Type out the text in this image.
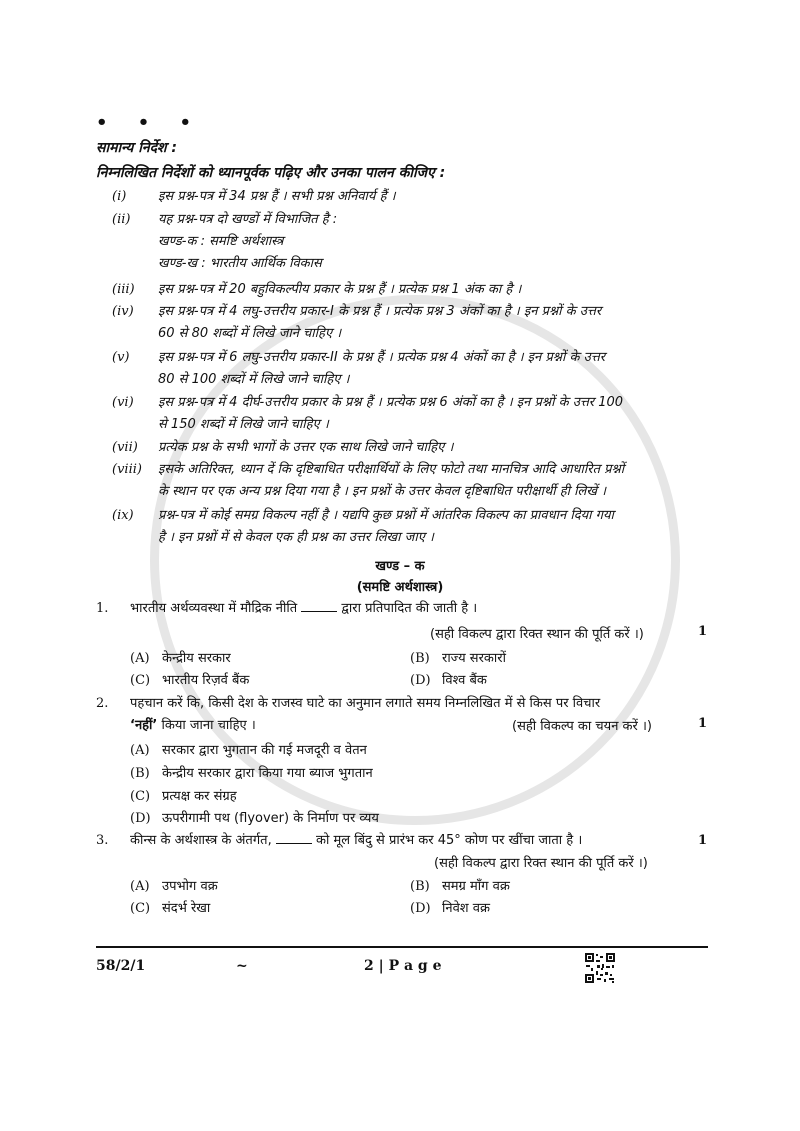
• • •
सामान्य निर्देश :
निम्नलिखित निर्देशों को ध्यानपूर्वक पढ़िए और उनका पालन कीजिए :
(i) इस प्रश्न-पत्र में 34 प्रश्न हैं । सभी प्रश्न अनिवार्य हैं ।
(ii) यह प्रश्न-पत्र दो खण्डों में विभाजित है :
खण्ड-क : समष्टि अर्थशास्त्र
खण्ड-ख : भारतीय आर्थिक विकास
(iii) इस प्रश्न-पत्र में 20 बहुविकल्पीय प्रकार के प्रश्न हैं । प्रत्येक प्रश्न 1 अंक का है ।
(iv) इस प्रश्न-पत्र में 4 लघु-उत्तरीय प्रकार-I के प्रश्न हैं । प्रत्येक प्रश्न 3 अंकों का है । इन प्रश्नों के उत्तर
60 से 80 शब्दों में लिखे जाने चाहिए ।
(v) इस प्रश्न-पत्र में 6 लघु-उत्तरीय प्रकार-II के प्रश्न हैं । प्रत्येक प्रश्न 4 अंकों का है । इन प्रश्नों के उत्तर
80 से 100 शब्दों में लिखे जाने चाहिए ।
(vi) इस प्रश्न-पत्र में 4 दीर्घ-उत्तरीय प्रकार के प्रश्न हैं । प्रत्येक प्रश्न 6 अंकों का है । इन प्रश्नों के उत्तर 100
से 150 शब्दों में लिखे जाने चाहिए ।
(vii) प्रत्येक प्रश्न के सभी भागों के उत्तर एक साथ लिखे जाने चाहिए ।
(viii) इसके अतिरिक्त, ध्यान दें कि दृष्टिबाधित परीक्षार्थियों के लिए फोटो तथा मानचित्र आदि आधारित प्रश्नों
के स्थान पर एक अन्य प्रश्न दिया गया है । इन प्रश्नों के उत्तर केवल दृष्टिबाधित परीक्षार्थी ही लिखें ।
(ix) प्रश्न-पत्र में कोई समग्र विकल्प नहीं है । यद्यपि कुछ प्रश्नों में आंतरिक विकल्प का प्रावधान दिया गया
है । इन प्रश्नों में से केवल एक ही प्रश्न का उत्तर लिखा जाए ।
खण्ड – क
(समष्टि अर्थशास्त्र)
1. भारतीय अर्थव्यवस्था में मौद्रिक नीति	द्वारा प्रतिपादित की जाती है ।
(सही विकल्प द्वारा रिक्त स्थान की पूर्ति करें ।)	1
(A) केन्द्रीय सरकार	(B) राज्य सरकारों
(C) भारतीय रिज़र्व बैंक	(D) विश्व बैंक
2. पहचान करें कि, किसी देश के राजस्व घाटे का अनुमान लगाते समय निम्नलिखित में से किस पर विचार
‘नहीं’ किया जाना चाहिए ।	(सही विकल्प का चयन करें ।)	1
(A) सरकार द्वारा भुगतान की गई मजदूरी व वेतन
(B) केन्द्रीय सरकार द्वारा किया गया ब्याज भुगतान
(C) प्रत्यक्ष कर संग्रह
(D) ऊपरीगामी पथ (flyover) के निर्माण पर व्यय
3. कीन्स के अर्थशास्त्र के अंतर्गत,	को मूल बिंदु से प्रारंभ कर 45° कोण पर खींचा जाता है ।	1
(सही विकल्प द्वारा रिक्त स्थान की पूर्ति करें ।)
(A) उपभोग वक्र	(B) समग्र माँग वक्र
(C) संदर्भ रेखा	(D) निवेश वक्र
58/2/1	~	2 | P a g e
